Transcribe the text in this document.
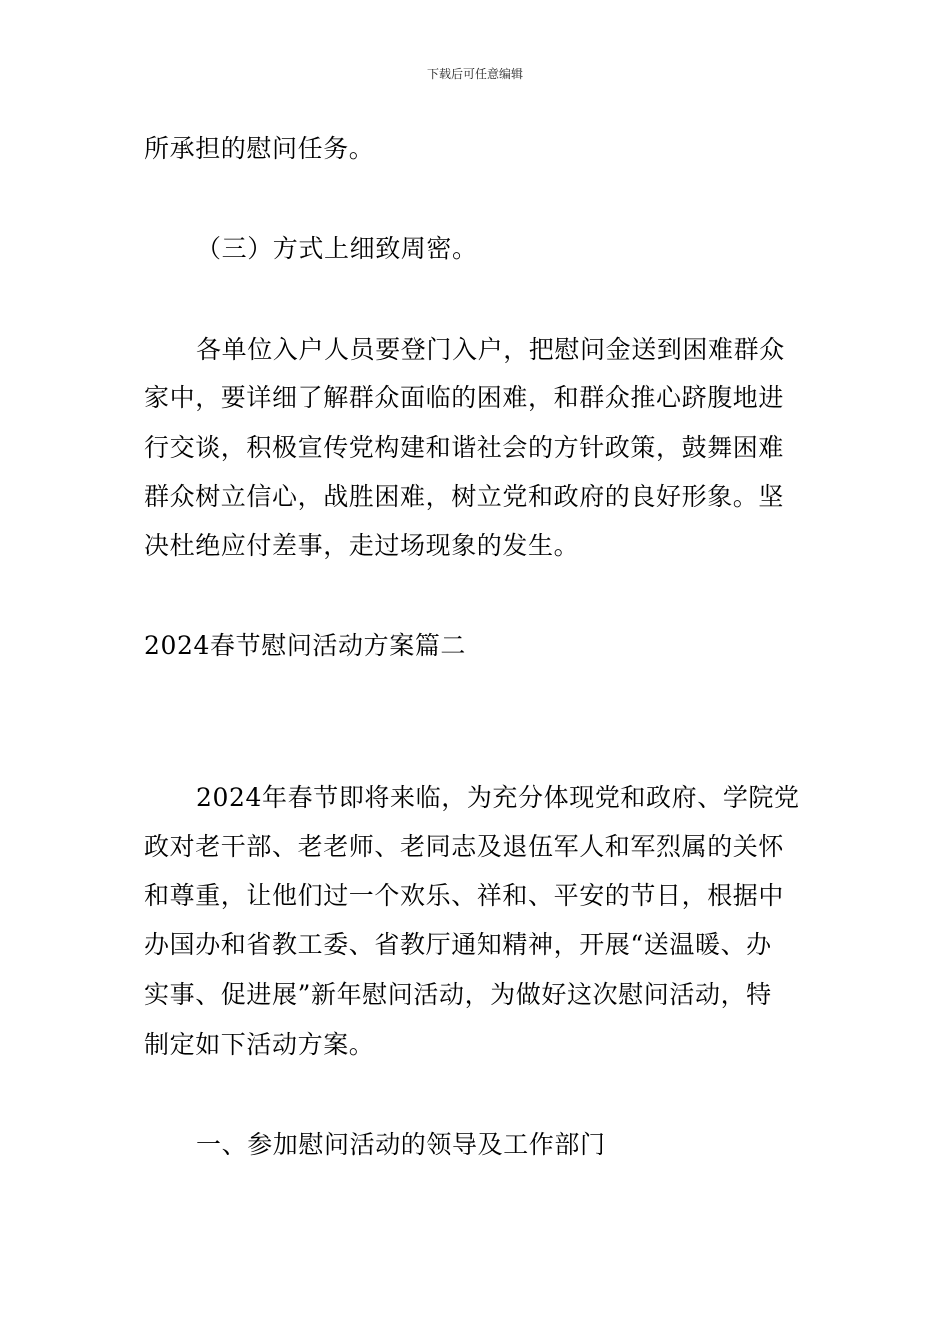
下载后可任意编辑
所承担的慰问任务。
（三）方式上细致周密。
各单位入户人员要登门入户，把慰问金送到困难群众
家中，要详细了解群众面临的困难，和群众推心跻腹地进
行交谈，积极宣传党构建和谐社会的方针政策，鼓舞困难
群众树立信心，战胜困难，树立党和政府的良好形象。坚
决杜绝应付差事，走过场现象的发生。
2024春节慰问活动方案篇二
2024年春节即将来临，为充分体现党和政府、学院党
政对老干部、老老师、老同志及退伍军人和军烈属的关怀
和尊重，让他们过一个欢乐、祥和、平安的节日，根据中
办国办和省教工委、省教厅通知精神，开展“送温暖、办
实事、促进展”新年慰问活动，为做好这次慰问活动，特
制定如下活动方案。
一、参加慰问活动的领导及工作部门
